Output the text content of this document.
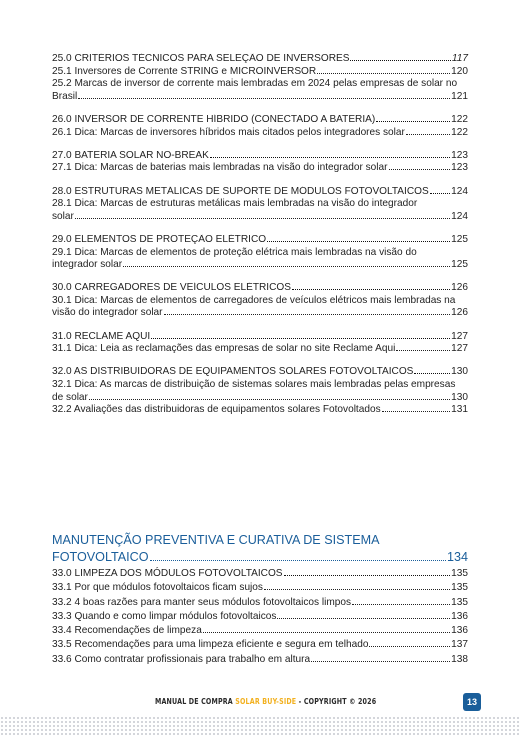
25.0 CRITÉRIOS TÉCNICOS PARA SELEÇÃO DE INVERSORES	117
25.1 Inversores de Corrente STRING e MICROINVERSOR	120
25.2 Marcas de inversor de corrente mais lembradas em 2024 pelas empresas de solar no
Brasil	121
26.0 INVERSOR DE CORRENTE HÍBRIDO (CONECTADO A BATERIA)	122
26.1 Dica: Marcas de inversores híbridos mais citados pelos integradores solar	122
27.0 BATERIA SOLAR NO-BREAK	123
27.1 Dica: Marcas de baterias mais lembradas na visão do integrador solar	123
28.0 ESTRUTURAS METÁLICAS DE SUPORTE DE MÓDULOS FOTOVOLTAICOS 124
28.1 Dica: Marcas de estruturas metálicas mais lembradas na visão do integrador
solar	124
29.0 ELEMENTOS DE PROTEÇÃO ELÉTRICO	125
29.1 Dica: Marcas de elementos de proteção elétrica mais lembradas na visão do
integrador solar	125
30.0 CARREGADORES DE VEÍCULOS ELÉTRICOS	126
30.1 Dica: Marcas de elementos de carregadores de veículos elétricos mais lembradas na
visão do integrador solar	126
31.0 RECLAME AQUI	127
31.1 Dica: Leia as reclamações das empresas de solar no site Reclame Aqui	127
32.0 AS DISTRIBUIDORAS DE EQUIPAMENTOS SOLARES FOTOVOLTAICOS	130
32.1 Dica: As marcas de distribuição de sistemas solares mais lembradas pelas empresas
de solar	130
32.2 Avaliações das distribuidoras de equipamentos solares Fotovoltados	131
MANUTENÇÃO PREVENTIVA E CURATIVA DE SISTEMA
FOTOVOLTAICO	134
33.0 LIMPEZA DOS MÓDULOS FOTOVOLTAICOS	135
33.1 Por que módulos fotovoltaicos ficam sujos	135
33.2 4 boas razões para manter seus módulos fotovoltaicos limpos	135
33.3 Quando e como limpar módulos fotovoltaicos	136
33.4 Recomendações de limpeza	136
33.5 Recomendações para uma limpeza eficiente e segura em telhado	137
33.6 Como contratar profissionais para trabalho em altura	138
MANUAL DE COMPRA SOLAR BUY-SIDE - COPYRIGHT © 2026	13
